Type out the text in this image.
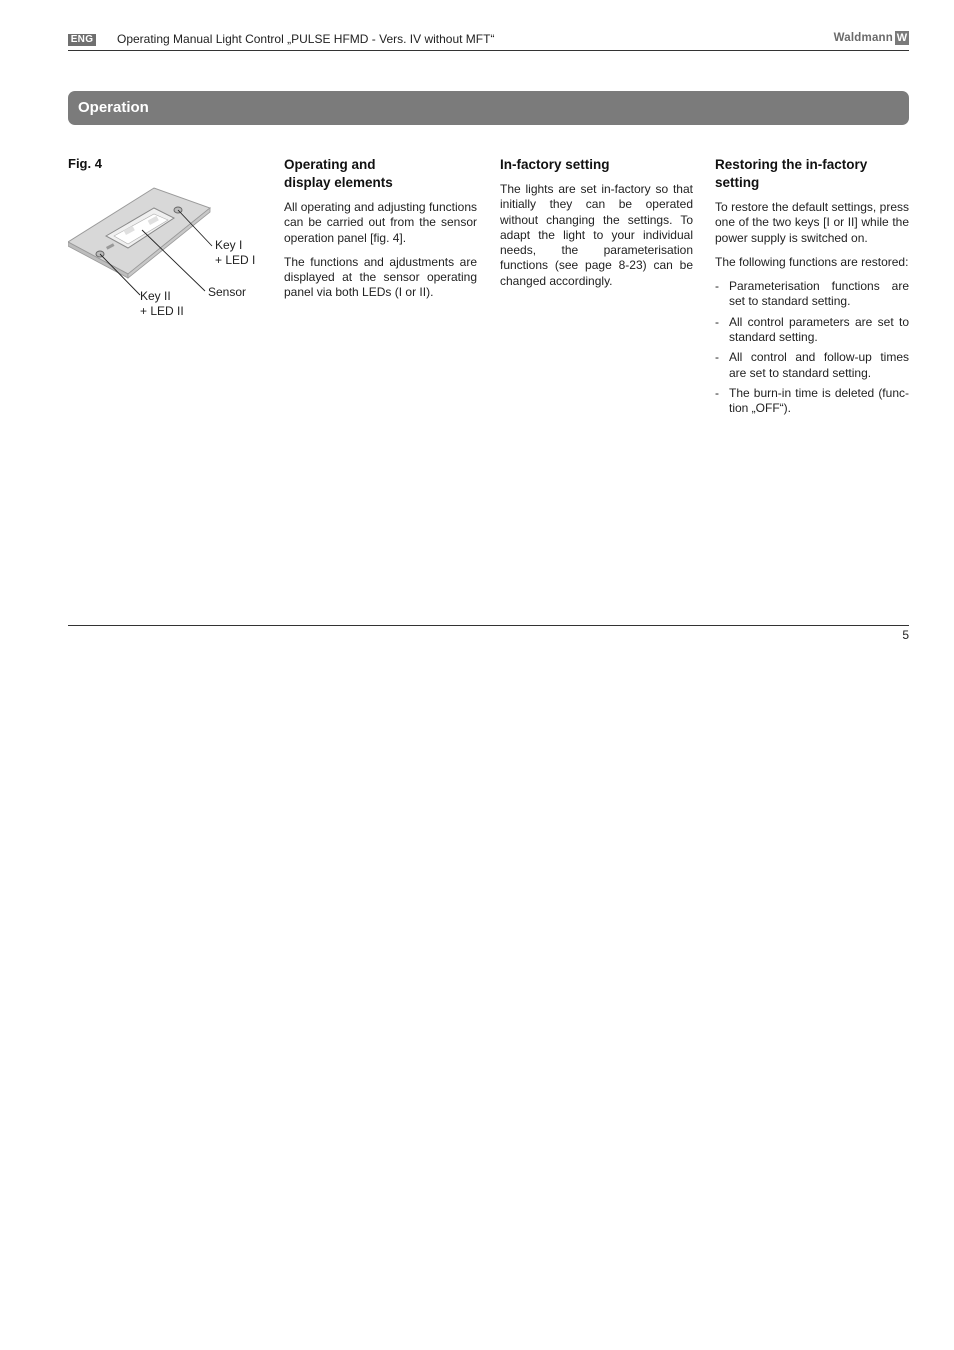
ENG Operating Manual Light Control „PULSE HFMD - Vers. IV without MFT“	Waldmann W
Operation
Fig. 4
Key I
+ LED I
Sensor
Key II
+ LED II
Operating and
display elements

All operating and adjusting functions can be carried out from the sensor operation panel [fig. 4].

The functions and ajdustments are displayed at the sensor operating panel via both LEDs (I or II).

In-factory setting

The lights are set in-factory so that initially they can be operated without changing the settings. To adapt the light to your individual needs, the parameterisation functions (see page 8-23) can be changed accordingly.

Restoring the in-factory
setting

To restore the default settings, press one of the two keys [I or II] while the power supply is switched on.

The following functions are restored:

- Parameterisation functions are set to standard setting.
- All control parameters are set to standard setting.
- All control and follow-up times are set to standard setting.
- The burn-in time is deleted (function „OFF“).
5
